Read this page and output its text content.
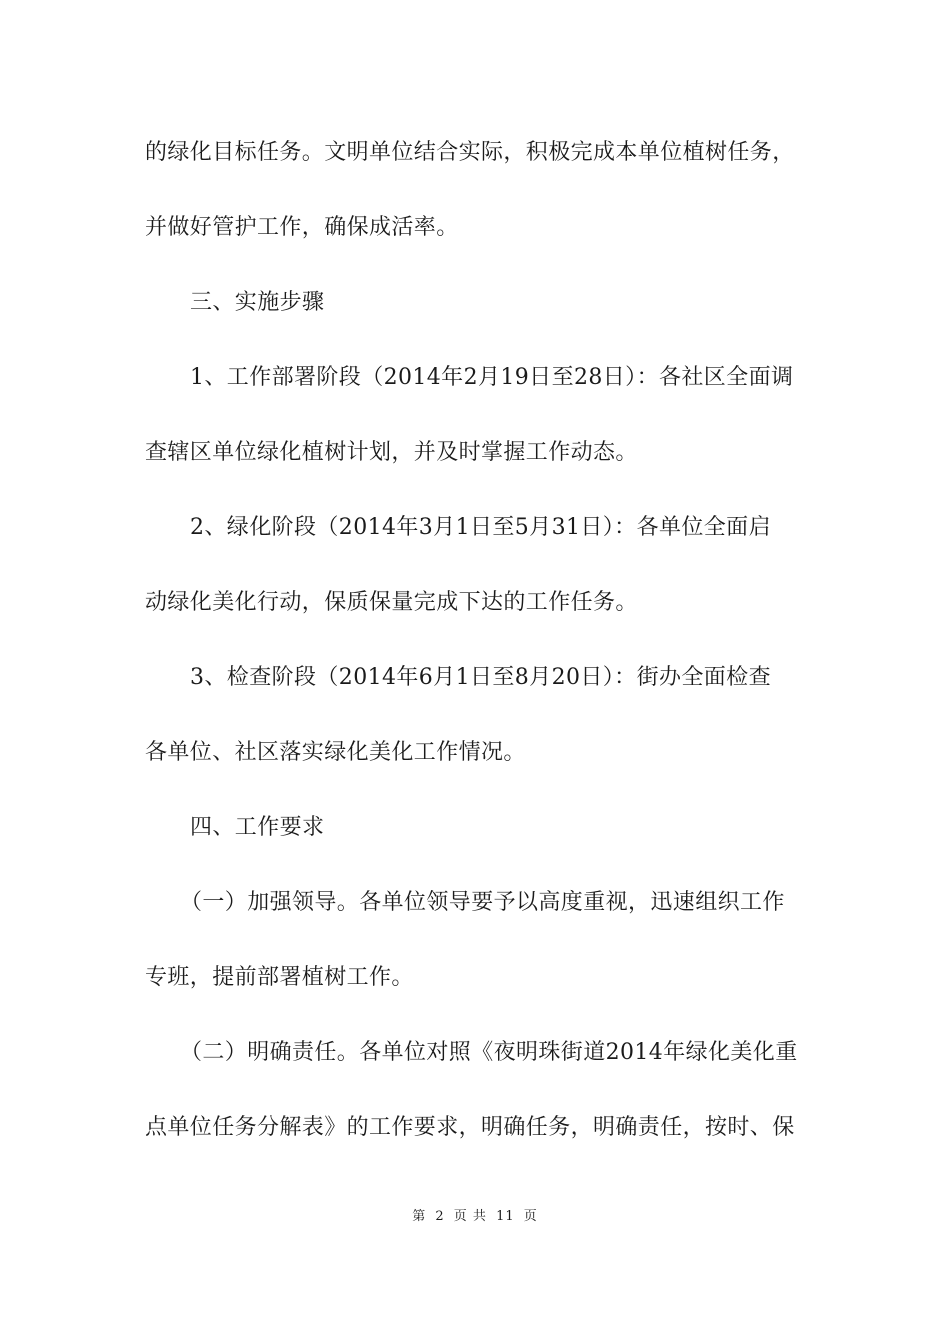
的绿化目标任务。文明单位结合实际，积极完成本单位植树任务，
并做好管护工作，确保成活率。
三、实施步骤
1、工作部署阶段（2014年2月19日至28日）：各社区全面调
查辖区单位绿化植树计划，并及时掌握工作动态。
2、绿化阶段（2014年3月1日至5月31日）：各单位全面启
动绿化美化行动，保质保量完成下达的工作任务。
3、检查阶段（2014年6月1日至8月20日）：街办全面检查
各单位、社区落实绿化美化工作情况。
四、工作要求
（一）加强领导。各单位领导要予以高度重视，迅速组织工作
专班，提前部署植树工作。
（二）明确责任。各单位对照《夜明珠街道2014年绿化美化重
点单位任务分解表》的工作要求，明确任务，明确责任，按时、保
第 2 页 共 11 页
